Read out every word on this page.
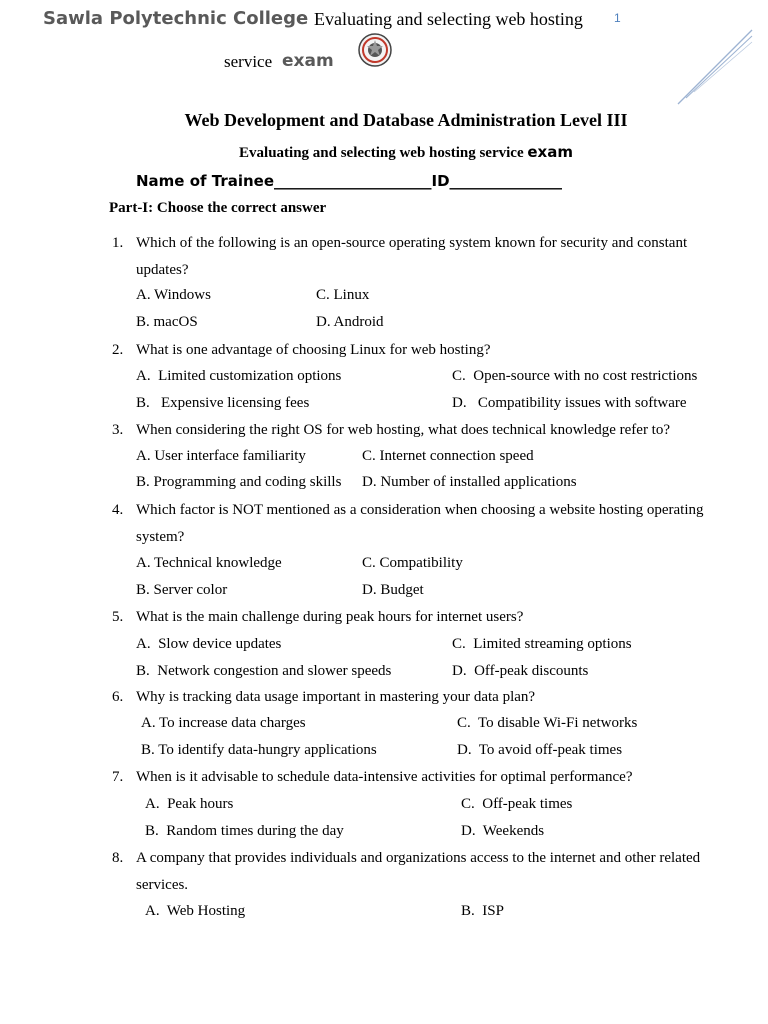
Sawla Polytechnic College Evaluating and selecting web hosting
service exam
1
Web Development and Database Administration Level III
Evaluating and selecting web hosting service exam
Name of Trainee_____________________ID_______________
Part-I: Choose the correct answer
1. Which of the following is an open-source operating system known for security and constant updates?
A. Windows	C. Linux
B. macOS	D. Android
2. What is one advantage of choosing Linux for web hosting?
A.  Limited customization options	C.  Open-source with no cost restrictions
B.   Expensive licensing fees	D.   Compatibility issues with software
3. When considering the right OS for web hosting, what does technical knowledge refer to?
A. User interface familiarity	C. Internet connection speed
B. Programming and coding skills D. Number of installed applications
4. Which factor is NOT mentioned as a consideration when choosing a website hosting operating system?
A. Technical knowledge	C. Compatibility
B. Server color	D. Budget
5. What is the main challenge during peak hours for internet users?
A.  Slow device updates	C.  Limited streaming options
B.  Network congestion and slower speeds	D.  Off-peak discounts
6. Why is tracking data usage important in mastering your data plan?
A. To increase data charges	C.  To disable Wi-Fi networks
B. To identify data-hungry applications	D.  To avoid off-peak times
7. When is it advisable to schedule data-intensive activities for optimal performance?
A.  Peak hours	C.  Off-peak times
B.  Random times during the day	D.  Weekends
8. A company that provides individuals and organizations access to the internet and other related services.
A.  Web Hosting	B.  ISP
